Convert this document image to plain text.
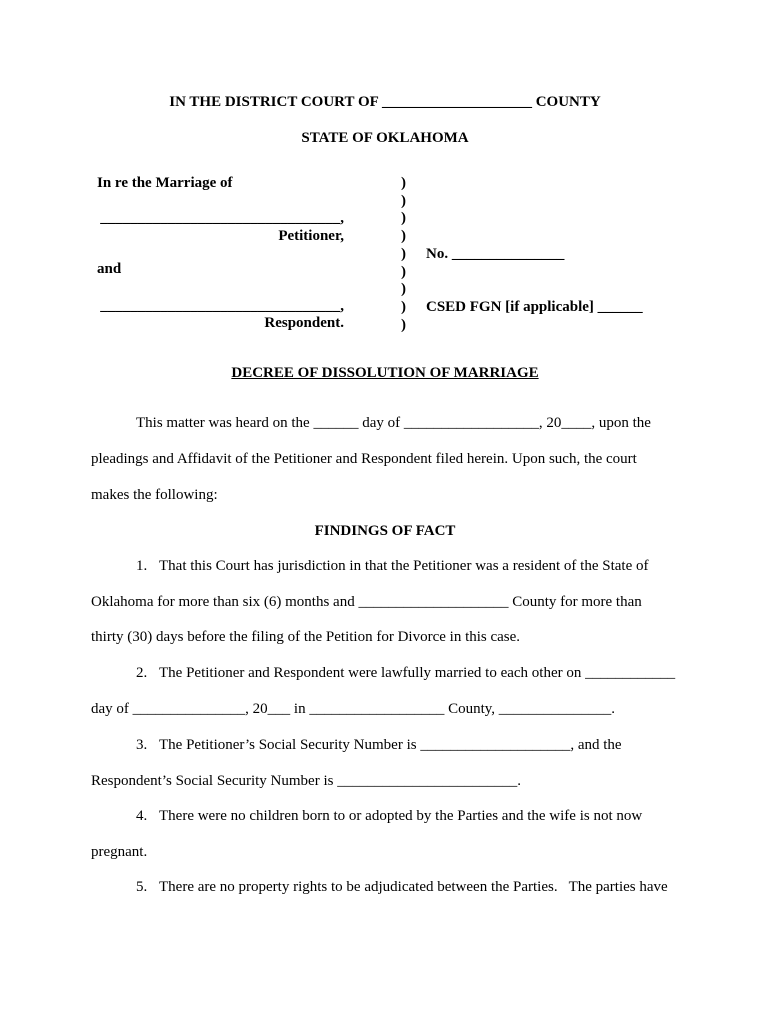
IN THE DISTRICT COURT OF ____________________ COUNTY
STATE OF OKLAHOMA
In re the Marriage of
________________________________,
Petitioner,
and
________________________________,
Respondent.
)
)
)
)
)
)
)
)
)
No. _______________
CSED FGN [if applicable] ______
DECREE OF DISSOLUTION OF MARRIAGE
This matter was heard on the ______ day of __________________, 20____, upon the
pleadings and Affidavit of the Petitioner and Respondent filed herein. Upon such, the court
makes the following:
FINDINGS OF FACT
1. That this Court has jurisdiction in that the Petitioner was a resident of the State of
Oklahoma for more than six (6) months and ____________________ County for more than
thirty (30) days before the filing of the Petition for Divorce in this case.
2. The Petitioner and Respondent were lawfully married to each other on ____________
day of _______________, 20___ in __________________ County, _______________.
3. The Petitioner’s Social Security Number is ____________________, and the
Respondent’s Social Security Number is ________________________.
4. There were no children born to or adopted by the Parties and the wife is not now
pregnant.
5. There are no property rights to be adjudicated between the Parties.   The parties have
